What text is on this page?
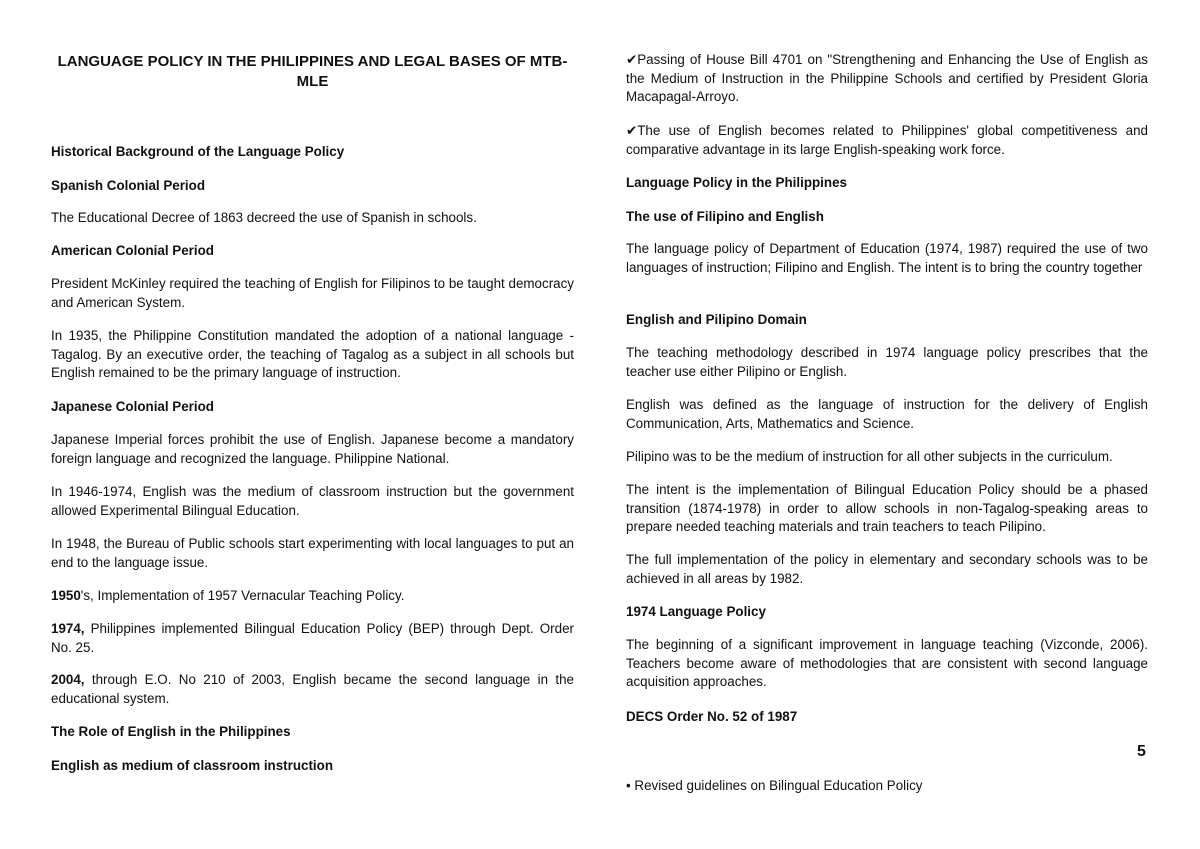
LANGUAGE POLICY IN THE PHILIPPINES AND LEGAL BASES OF MTB-MLE

Historical Background of the Language Policy

Spanish Colonial Period

The Educational Decree of 1863 decreed the use of Spanish in schools.

American Colonial Period

President McKinley required the teaching of English for Filipinos to be taught democracy and American System.

In 1935, the Philippine Constitution mandated the adoption of a national language - Tagalog. By an executive order, the teaching of Tagalog as a subject in all schools but English remained to be the primary language of instruction.

Japanese Colonial Period

Japanese Imperial forces prohibit the use of English. Japanese become a mandatory foreign language and recognized the language. Philippine National.

In 1946-1974, English was the medium of classroom instruction but the government allowed Experimental Bilingual Education.

In 1948, the Bureau of Public schools start experimenting with local languages to put an end to the language issue.

1950's, Implementation of 1957 Vernacular Teaching Policy.

1974, Philippines implemented Bilingual Education Policy (BEP) through Dept. Order No. 25.

2004, through E.O. No 210 of 2003, English became the second language in the educational system.

The Role of English in the Philippines

English as medium of classroom instruction

✔Passing of House Bill 4701 on "Strengthening and Enhancing the Use of English as the Medium of Instruction in the Philippine Schools and certified by President Gloria Macapagal-Arroyo.

✔The use of English becomes related to Philippines' global competitiveness and comparative advantage in its large English-speaking work force.

Language Policy in the Philippines

The use of Filipino and English

The language policy of Department of Education (1974, 1987) required the use of two languages of instruction; Filipino and English. The intent is to bring the country together

English and Pilipino Domain

The teaching methodology described in 1974 language policy prescribes that the teacher use either Pilipino or English.

English was defined as the language of instruction for the delivery of English Communication, Arts, Mathematics and Science.

Pilipino was to be the medium of instruction for all other subjects in the curriculum.

The intent is the implementation of Bilingual Education Policy should be a phased transition (1874-1978) in order to allow schools in non-Tagalog-speaking areas to prepare needed teaching materials and train teachers to teach Pilipino.

The full implementation of the policy in elementary and secondary schools was to be achieved in all areas by 1982.

1974 Language Policy

The beginning of a significant improvement in language teaching (Vizconde, 2006). Teachers become aware of methodologies that are consistent with second language acquisition approaches.

DECS Order No. 52 of 1987

• Revised guidelines on Bilingual Education Policy

5
